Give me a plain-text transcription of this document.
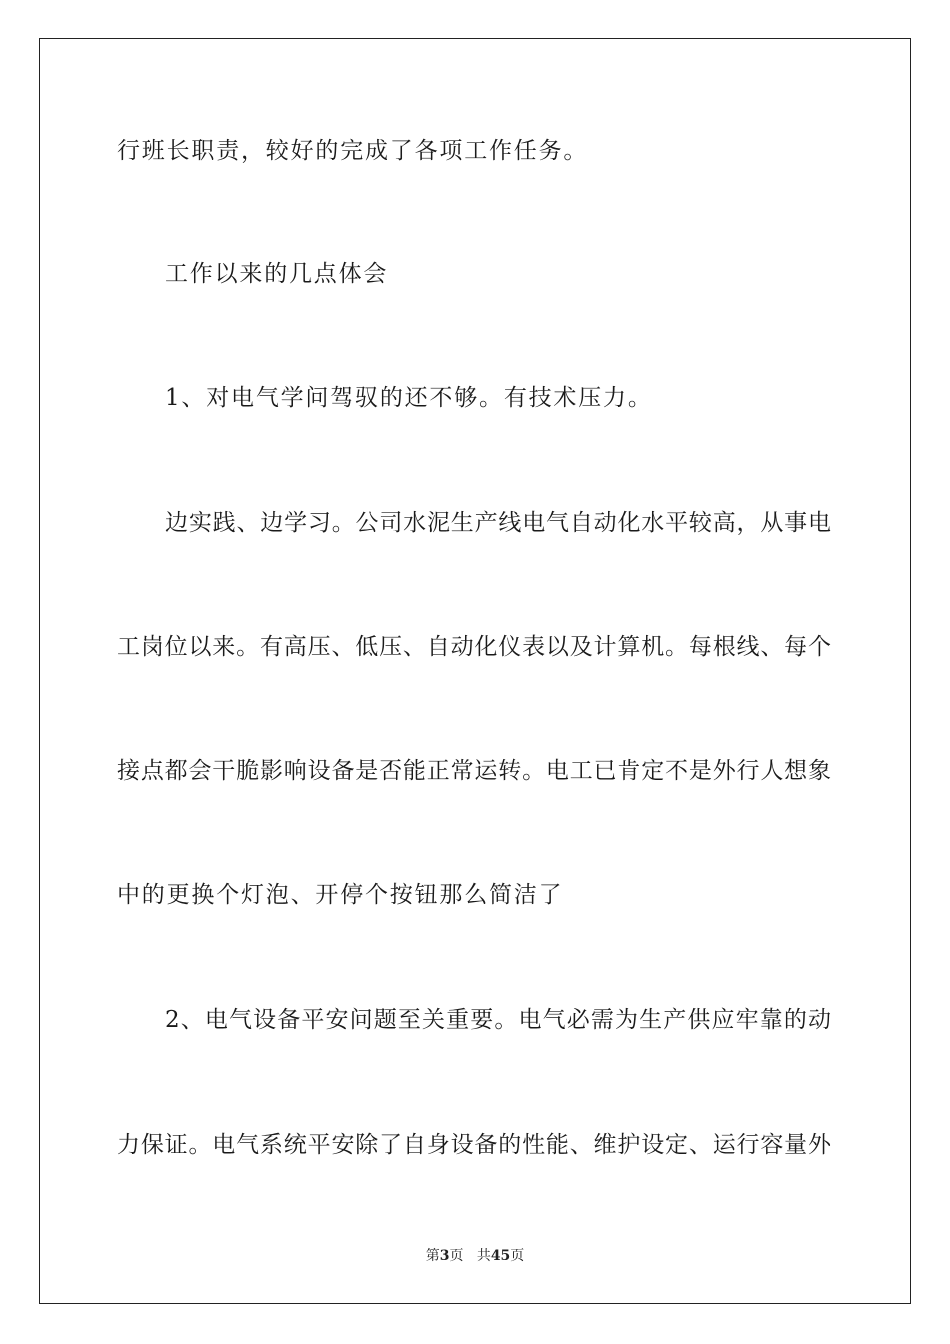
行班长职责，较好的完成了各项工作任务。
工作以来的几点体会
1、对电气学问驾驭的还不够。有技术压力。
边实践、边学习。公司水泥生产线电气自动化水平较高，从事电
工岗位以来。有高压、低压、自动化仪表以及计算机。每根线、每个
接点都会干脆影响设备是否能正常运转。电工已肯定不是外行人想象
中的更换个灯泡、开停个按钮那么简洁了
2、电气设备平安问题至关重要。电气必需为生产供应牢靠的动
力保证。电气系统平安除了自身设备的性能、维护设定、运行容量外
第3页 共45页
